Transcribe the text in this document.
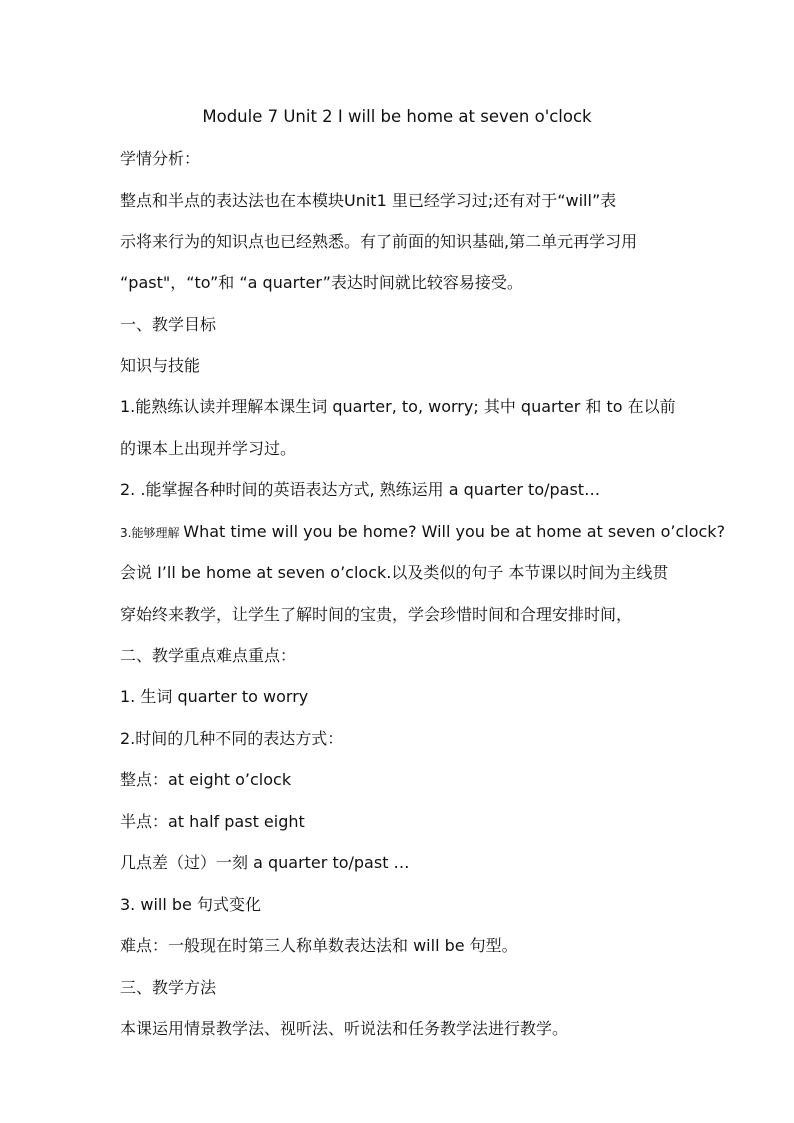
Module 7 Unit 2 I will be home at seven o'clock
学情分析：
整点和半点的表达法也在本模块Unit1 里已经学习过;还有对于“will”表
示将来行为的知识点也已经熟悉。有了前面的知识基础,第二单元再学习用
“past"，“to”和 “a quarter”表达时间就比较容易接受。
一、教学目标
知识与技能
1.能熟练认读并理解本课生词 quarter, to, worry; 其中 quarter 和 to 在以前
的课本上出现并学习过。
2. .能掌握各种时间的英语表达方式, 熟练运用 a quarter to/past…
3.能够理解 What time will you be home? Will you be at home at seven o’clock?
会说 I’ll be home at seven o’clock.以及类似的句子 本节课以时间为主线贯
穿始终来教学，让学生了解时间的宝贵，学会珍惜时间和合理安排时间，
二、教学重点难点重点：
1. 生词 quarter to worry
2.时间的几种不同的表达方式：
整点：at eight o’clock
半点：at half past eight
几点差（过）一刻 a quarter to/past …
3. will be 句式变化
难点：一般现在时第三人称单数表达法和 will be 句型。
三、教学方法
本课运用情景教学法、视听法、听说法和任务教学法进行教学。
